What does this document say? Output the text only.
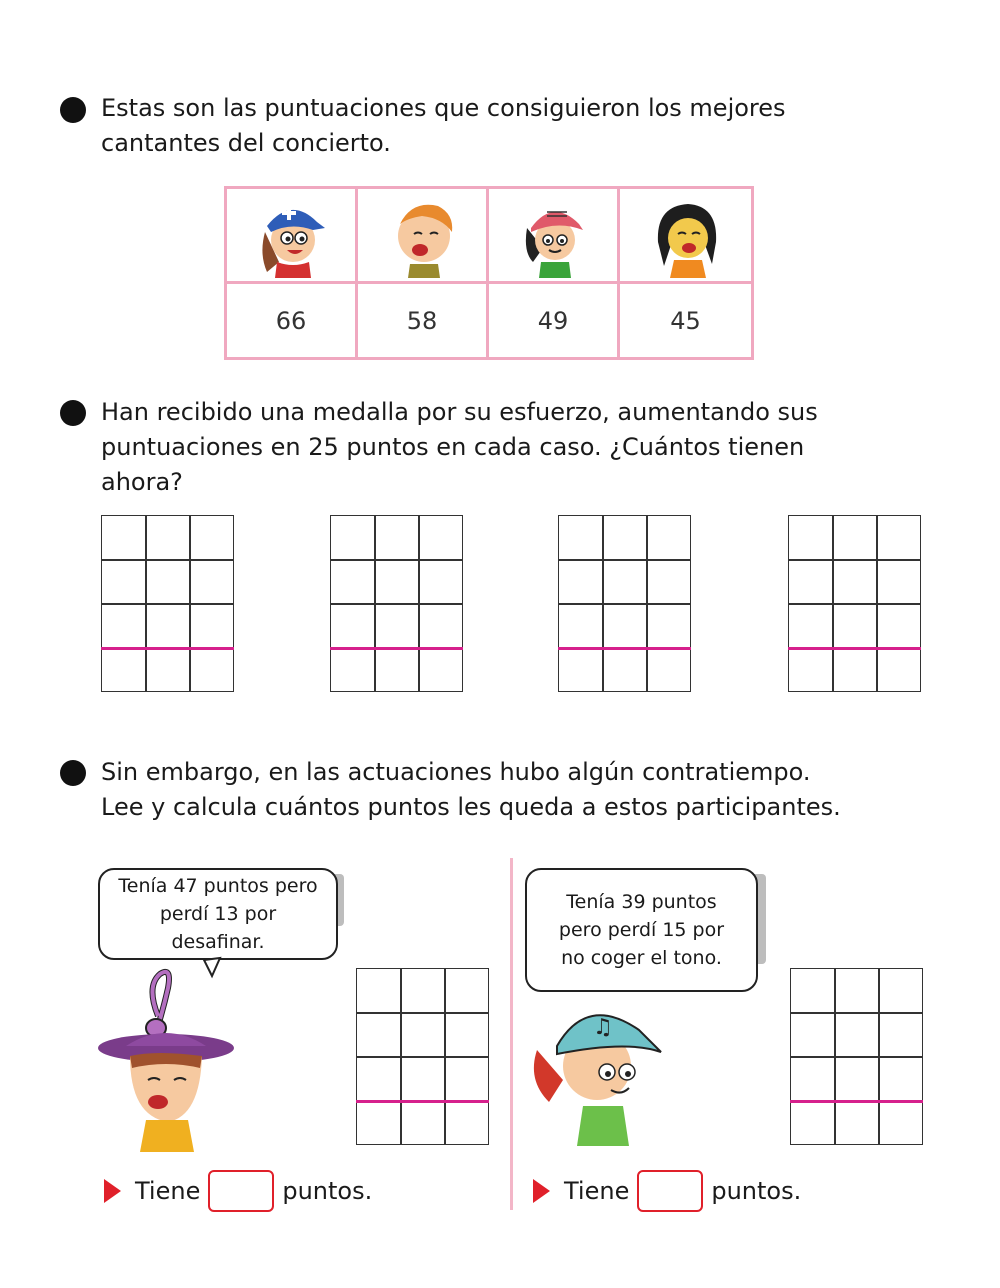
Estas son las puntuaciones que consiguieron los mejores
cantantes del concierto.
66	58	49	45
Han recibido una medalla por su esfuerzo, aumentando sus
puntuaciones en 25 puntos en cada caso. ¿Cuántos tienen
ahora?
Sin embargo, en las actuaciones hubo algún contratiempo.
Lee y calcula cuántos puntos les queda a estos participantes.
Tenía 47 puntos pero
perdí 13 por
desafinar.
Tiene	puntos.
Tenía 39 puntos
pero perdí 15 por
no coger el tono.
♫
Tiene	puntos.
